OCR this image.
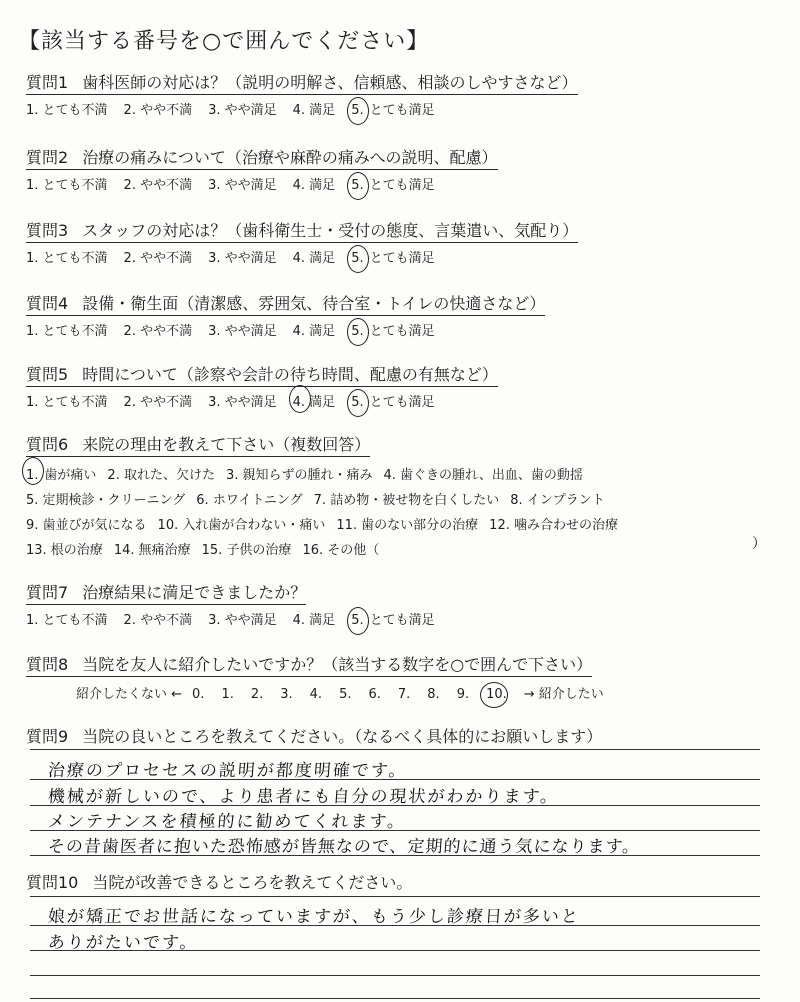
【該当する番号を○で囲んでください】
質問1 歯科医師の対応は？（説明の明解さ、信頼感、相談のしやすさなど）
1. とても不満 2. やや不満 3. やや満足 4. 満足 5. とても満足
質問2 治療の痛みについて（治療や麻酔の痛みへの説明、配慮）
1. とても不満 2. やや不満 3. やや満足 4. 満足 5. とても満足
質問3 スタッフの対応は？（歯科衛生士・受付の態度、言葉遣い、気配り）
1. とても不満 2. やや不満 3. やや満足 4. 満足 5. とても満足
質問4 設備・衛生面（清潔感、雰囲気、待合室・トイレの快適さなど）
1. とても不満 2. やや不満 3. やや満足 4. 満足 5. とても満足
質問5 時間について（診察や会計の待ち時間、配慮の有無など）
1. とても不満 2. やや不満 3. やや満足 4. 満足 5. とても満足
質問6 来院の理由を教えて下さい（複数回答）
1. 歯が痛い 2. 取れた、欠けた 3. 親知らずの腫れ・痛み 4. 歯ぐきの腫れ、出血、歯の動揺
5. 定期検診・クリーニング 6. ホワイトニング 7. 詰め物・被せ物を白くしたい 8. インプラント
9. 歯並びが気になる 10. 入れ歯が合わない・痛い 11. 歯のない部分の治療 12. 噛み合わせの治療
13. 根の治療 14. 無痛治療 15. 子供の治療 16. その他（	）
質問7 治療結果に満足できましたか？
1. とても不満 2. やや不満 3. やや満足 4. 満足 5. とても満足
質問8 当院を友人に紹介したいですか？（該当する数字を○で囲んで下さい）
紹介したくない ← 0. 1. 2. 3. 4. 5. 6. 7. 8. 9. 10. → 紹介したい
質問9 当院の良いところを教えてください。（なるべく具体的にお願いします）
治療のプロセセスの説明が都度明確です。
機械が新しいので、より患者にも自分の現状がわかります。
メンテナンスを積極的に勧めてくれます。
その昔歯医者に抱いた恐怖感が皆無なので、定期的に通う気になります。
質問10 当院が改善できるところを教えてください。
娘が矯正でお世話になっていますが、もう少し診療日が多いと
ありがたいです。
